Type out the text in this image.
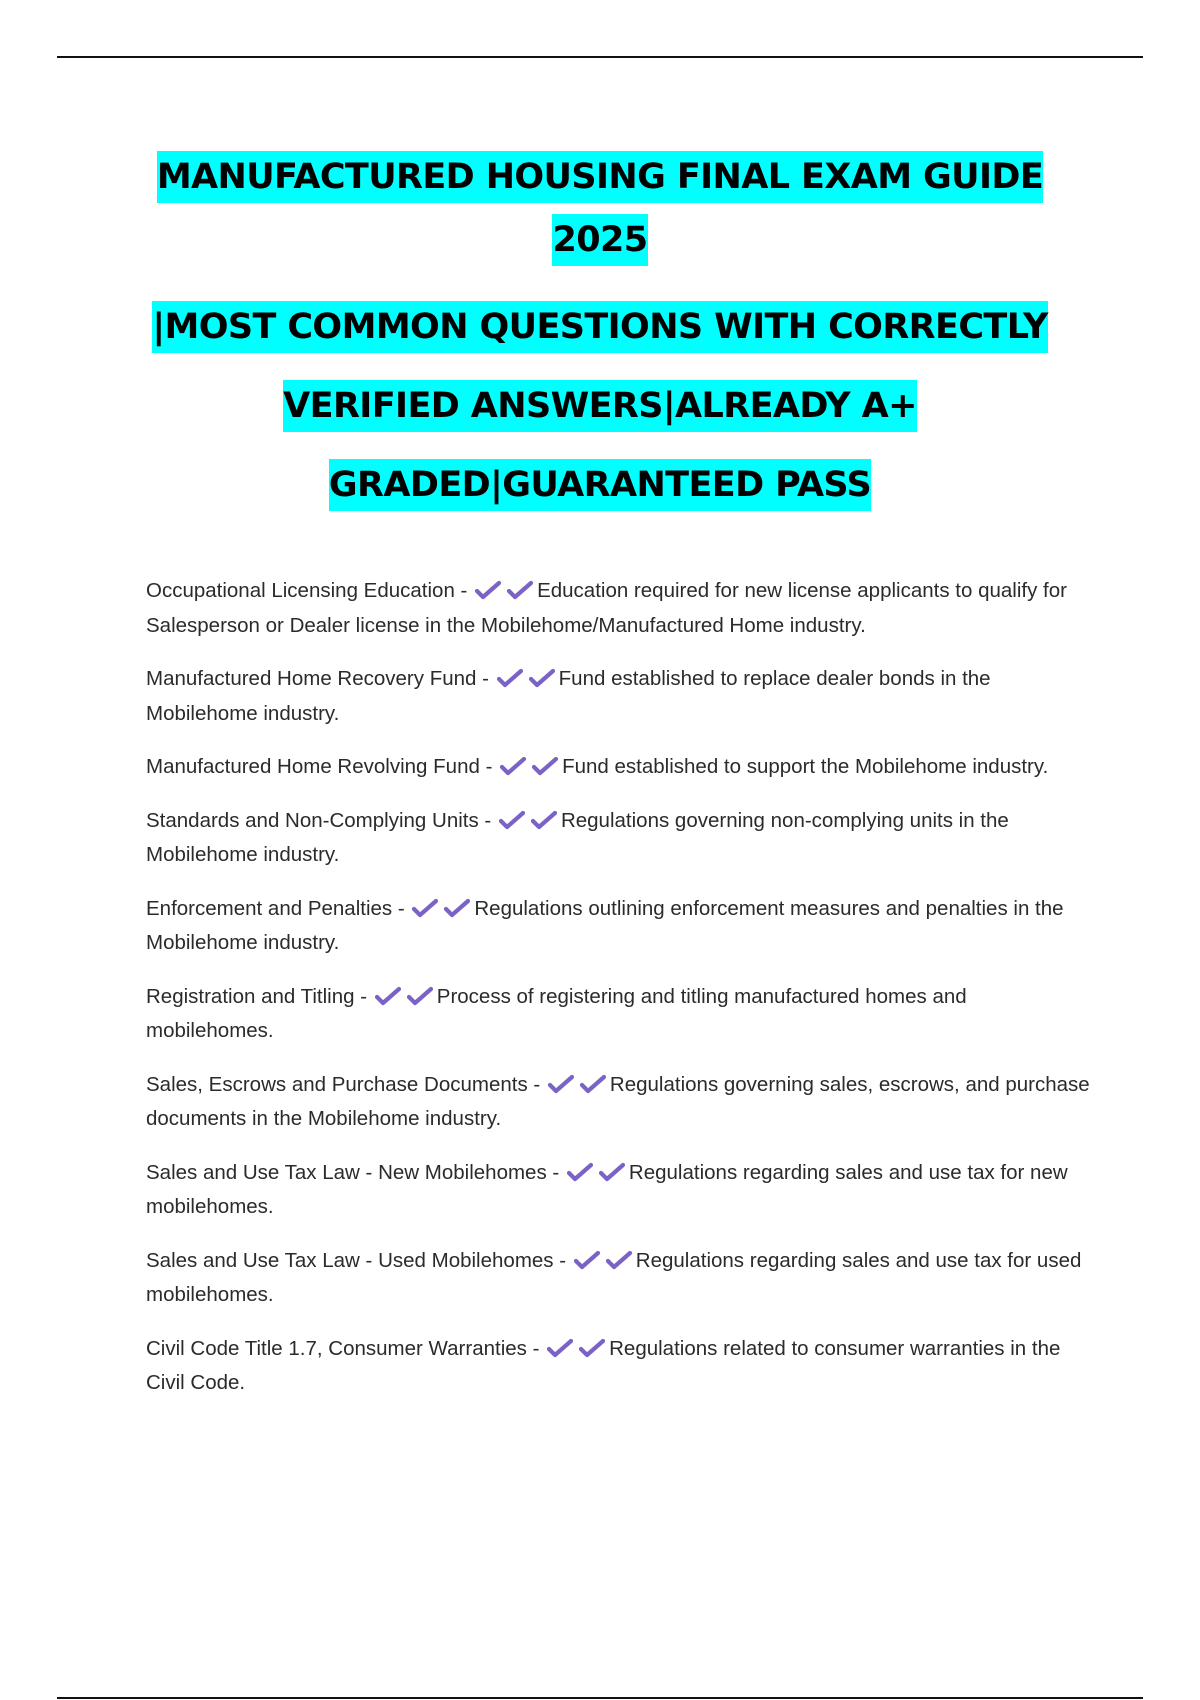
MANUFACTURED HOUSING FINAL EXAM GUIDE

2025

|MOST COMMON QUESTIONS WITH CORRECTLY

VERIFIED ANSWERS|ALREADY A+

GRADED|GUARANTEED PASS

Occupational Licensing Education -	Education required for new license applicants to qualify for Salesperson or Dealer license in the Mobilehome/Manufactured Home industry.

Manufactured Home Recovery Fund -	Fund established to replace dealer bonds in the Mobilehome industry.

Manufactured Home Revolving Fund -	Fund established to support the Mobilehome industry.

Standards and Non-Complying Units -	Regulations governing non-complying units in the Mobilehome industry.

Enforcement and Penalties -	Regulations outlining enforcement measures and penalties in the Mobilehome industry.

Registration and Titling -	Process of registering and titling manufactured homes and mobilehomes.

Sales, Escrows and Purchase Documents -	Regulations governing sales, escrows, and purchase documents in the Mobilehome industry.

Sales and Use Tax Law - New Mobilehomes -	Regulations regarding sales and use tax for new mobilehomes.

Sales and Use Tax Law - Used Mobilehomes -	Regulations regarding sales and use tax for used mobilehomes.

Civil Code Title 1.7, Consumer Warranties -	Regulations related to consumer warranties in the Civil Code.
